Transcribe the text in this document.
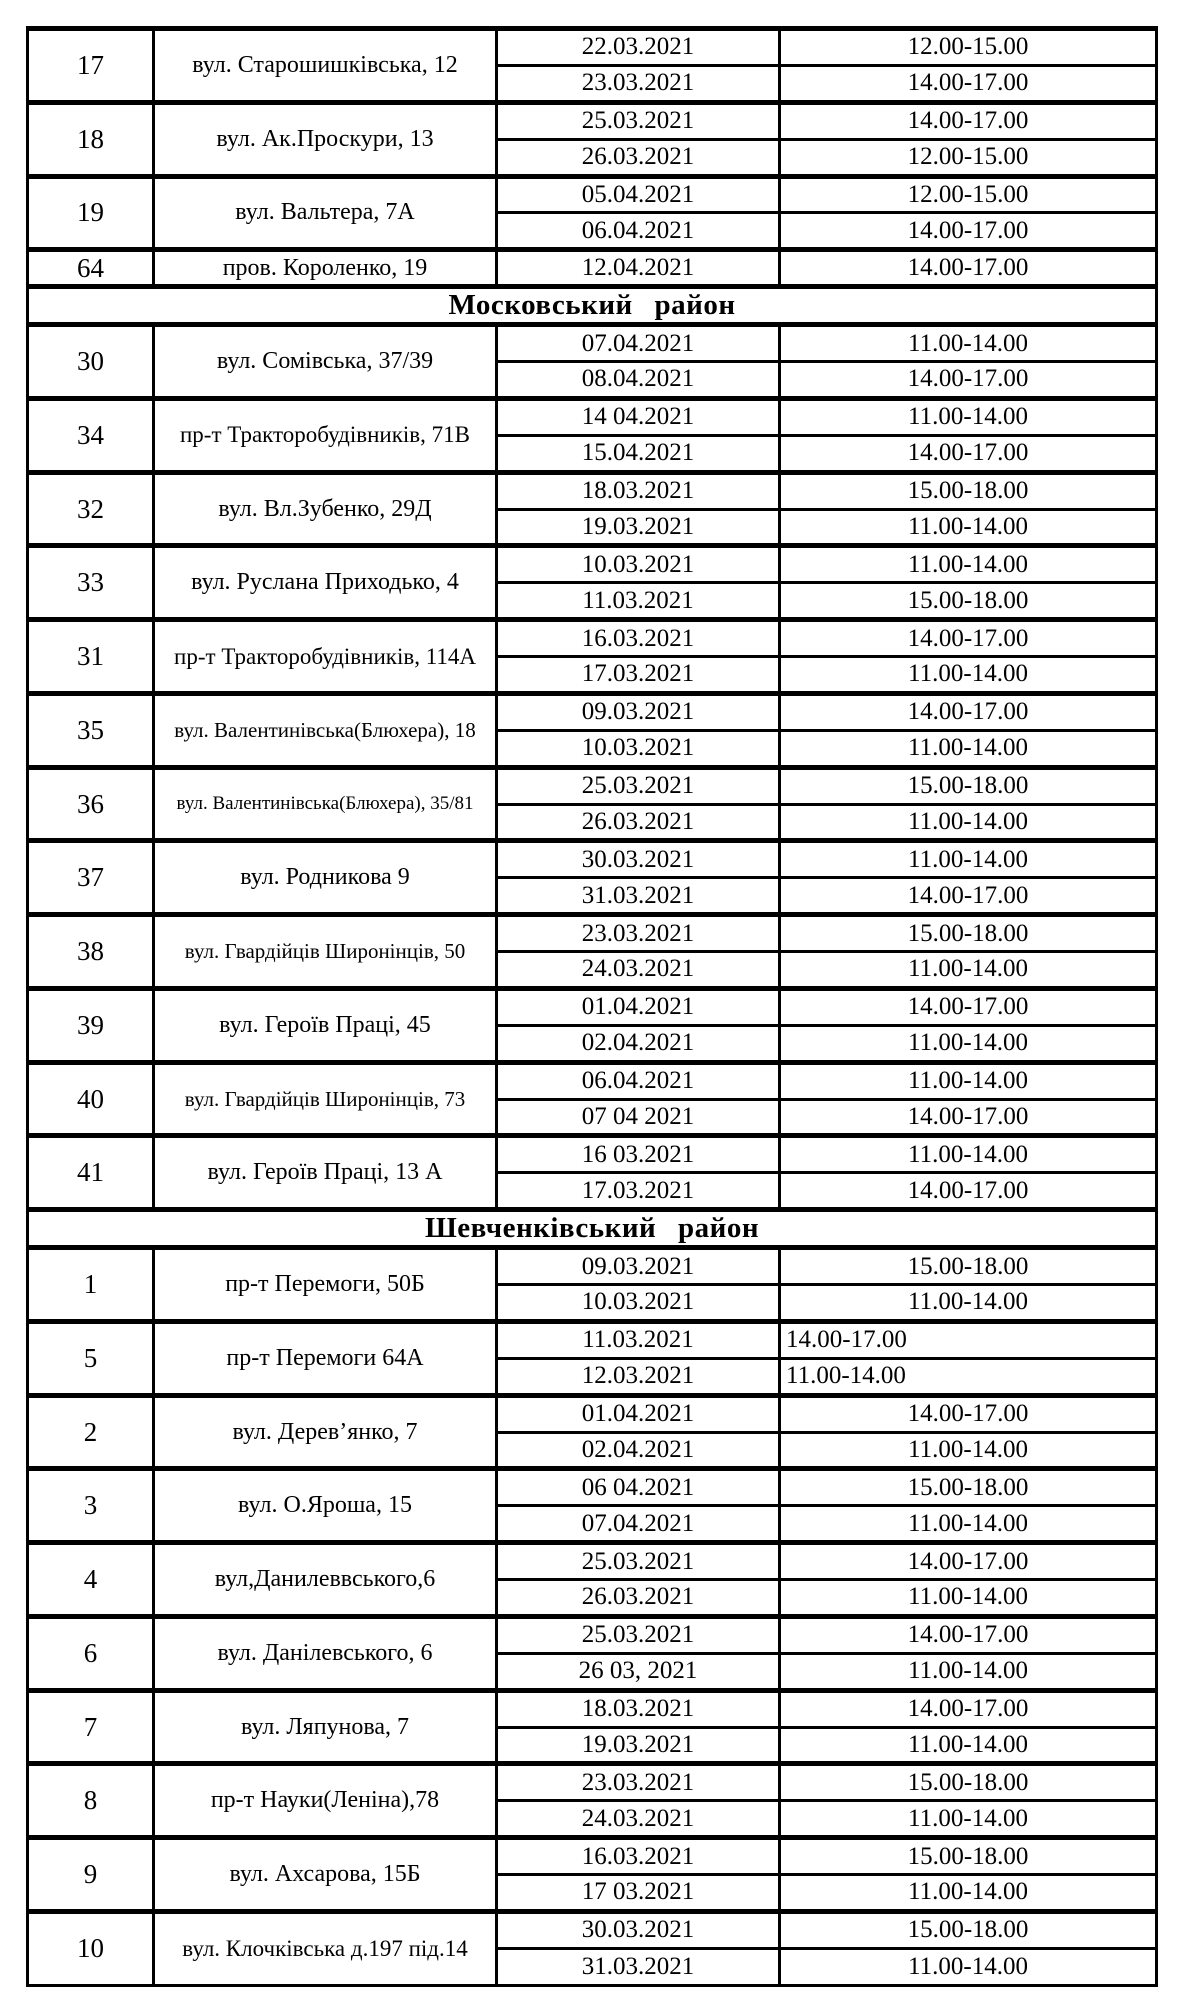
17	вул. Старошишківська, 12	22.03.2021	12.00-15.00
		23.03.2021	14.00-17.00
18	вул. Ак.Проскури, 13	25.03.2021	14.00-17.00
		26.03.2021	12.00-15.00
19	вул. Вальтера, 7А	05.04.2021	12.00-15.00
		06.04.2021	14.00-17.00
64	пров. Короленко, 19	12.04.2021	14.00-17.00
Московський район			
30	вул. Сомівська, 37/39	07.04.2021	11.00-14.00
		08.04.2021	14.00-17.00
34	пр-т Тракторобудівників, 71В	14 04.2021	11.00-14.00
		15.04.2021	14.00-17.00
32	вул. Вл.Зубенко, 29Д	18.03.2021	15.00-18.00
		19.03.2021	11.00-14.00
33	вул. Руслана Приходько, 4	10.03.2021	11.00-14.00
		11.03.2021	15.00-18.00
31	пр-т Тракторобудівників, 114А	16.03.2021	14.00-17.00
		17.03.2021	11.00-14.00
35	вул. Валентинівська(Блюхера), 18	09.03.2021	14.00-17.00
		10.03.2021	11.00-14.00
36	вул. Валентинівська(Блюхера), 35/81	25.03.2021	15.00-18.00
		26.03.2021	11.00-14.00
37	вул. Родникова 9	30.03.2021	11.00-14.00
		31.03.2021	14.00-17.00
38	вул. Гвардійців Широнінців, 50	23.03.2021	15.00-18.00
		24.03.2021	11.00-14.00
39	вул. Героїв Праці, 45	01.04.2021	14.00-17.00
		02.04.2021	11.00-14.00
40	вул. Гвардійців Широнінців, 73	06.04.2021	11.00-14.00
		07 04 2021	14.00-17.00
41	вул. Героїв Праці, 13 А	16 03.2021	11.00-14.00
		17.03.2021	14.00-17.00
Шевченківський район			
1	пр-т Перемоги, 50Б	09.03.2021	15.00-18.00
		10.03.2021	11.00-14.00
5	пр-т Перемоги 64А	11.03.2021	14.00-17.00
		12.03.2021	11.00-14.00
2	вул. Дерев’янко, 7	01.04.2021	14.00-17.00
		02.04.2021	11.00-14.00
3	вул. О.Яроша, 15	06 04.2021	15.00-18.00
		07.04.2021	11.00-14.00
4	вул,Данилеввського,6	25.03.2021	14.00-17.00
		26.03.2021	11.00-14.00
6	вул. Данілевського, 6	25.03.2021	14.00-17.00
		26 03, 2021	11.00-14.00
7	вул. Ляпунова, 7	18.03.2021	14.00-17.00
		19.03.2021	11.00-14.00
8	пр-т Науки(Леніна),78	23.03.2021	15.00-18.00
		24.03.2021	11.00-14.00
9	вул. Ахсарова, 15Б	16.03.2021	15.00-18.00
		17 03.2021	11.00-14.00
10	вул. Клочківська д.197 під.14	30.03.2021	15.00-18.00
		31.03.2021	11.00-14.00
